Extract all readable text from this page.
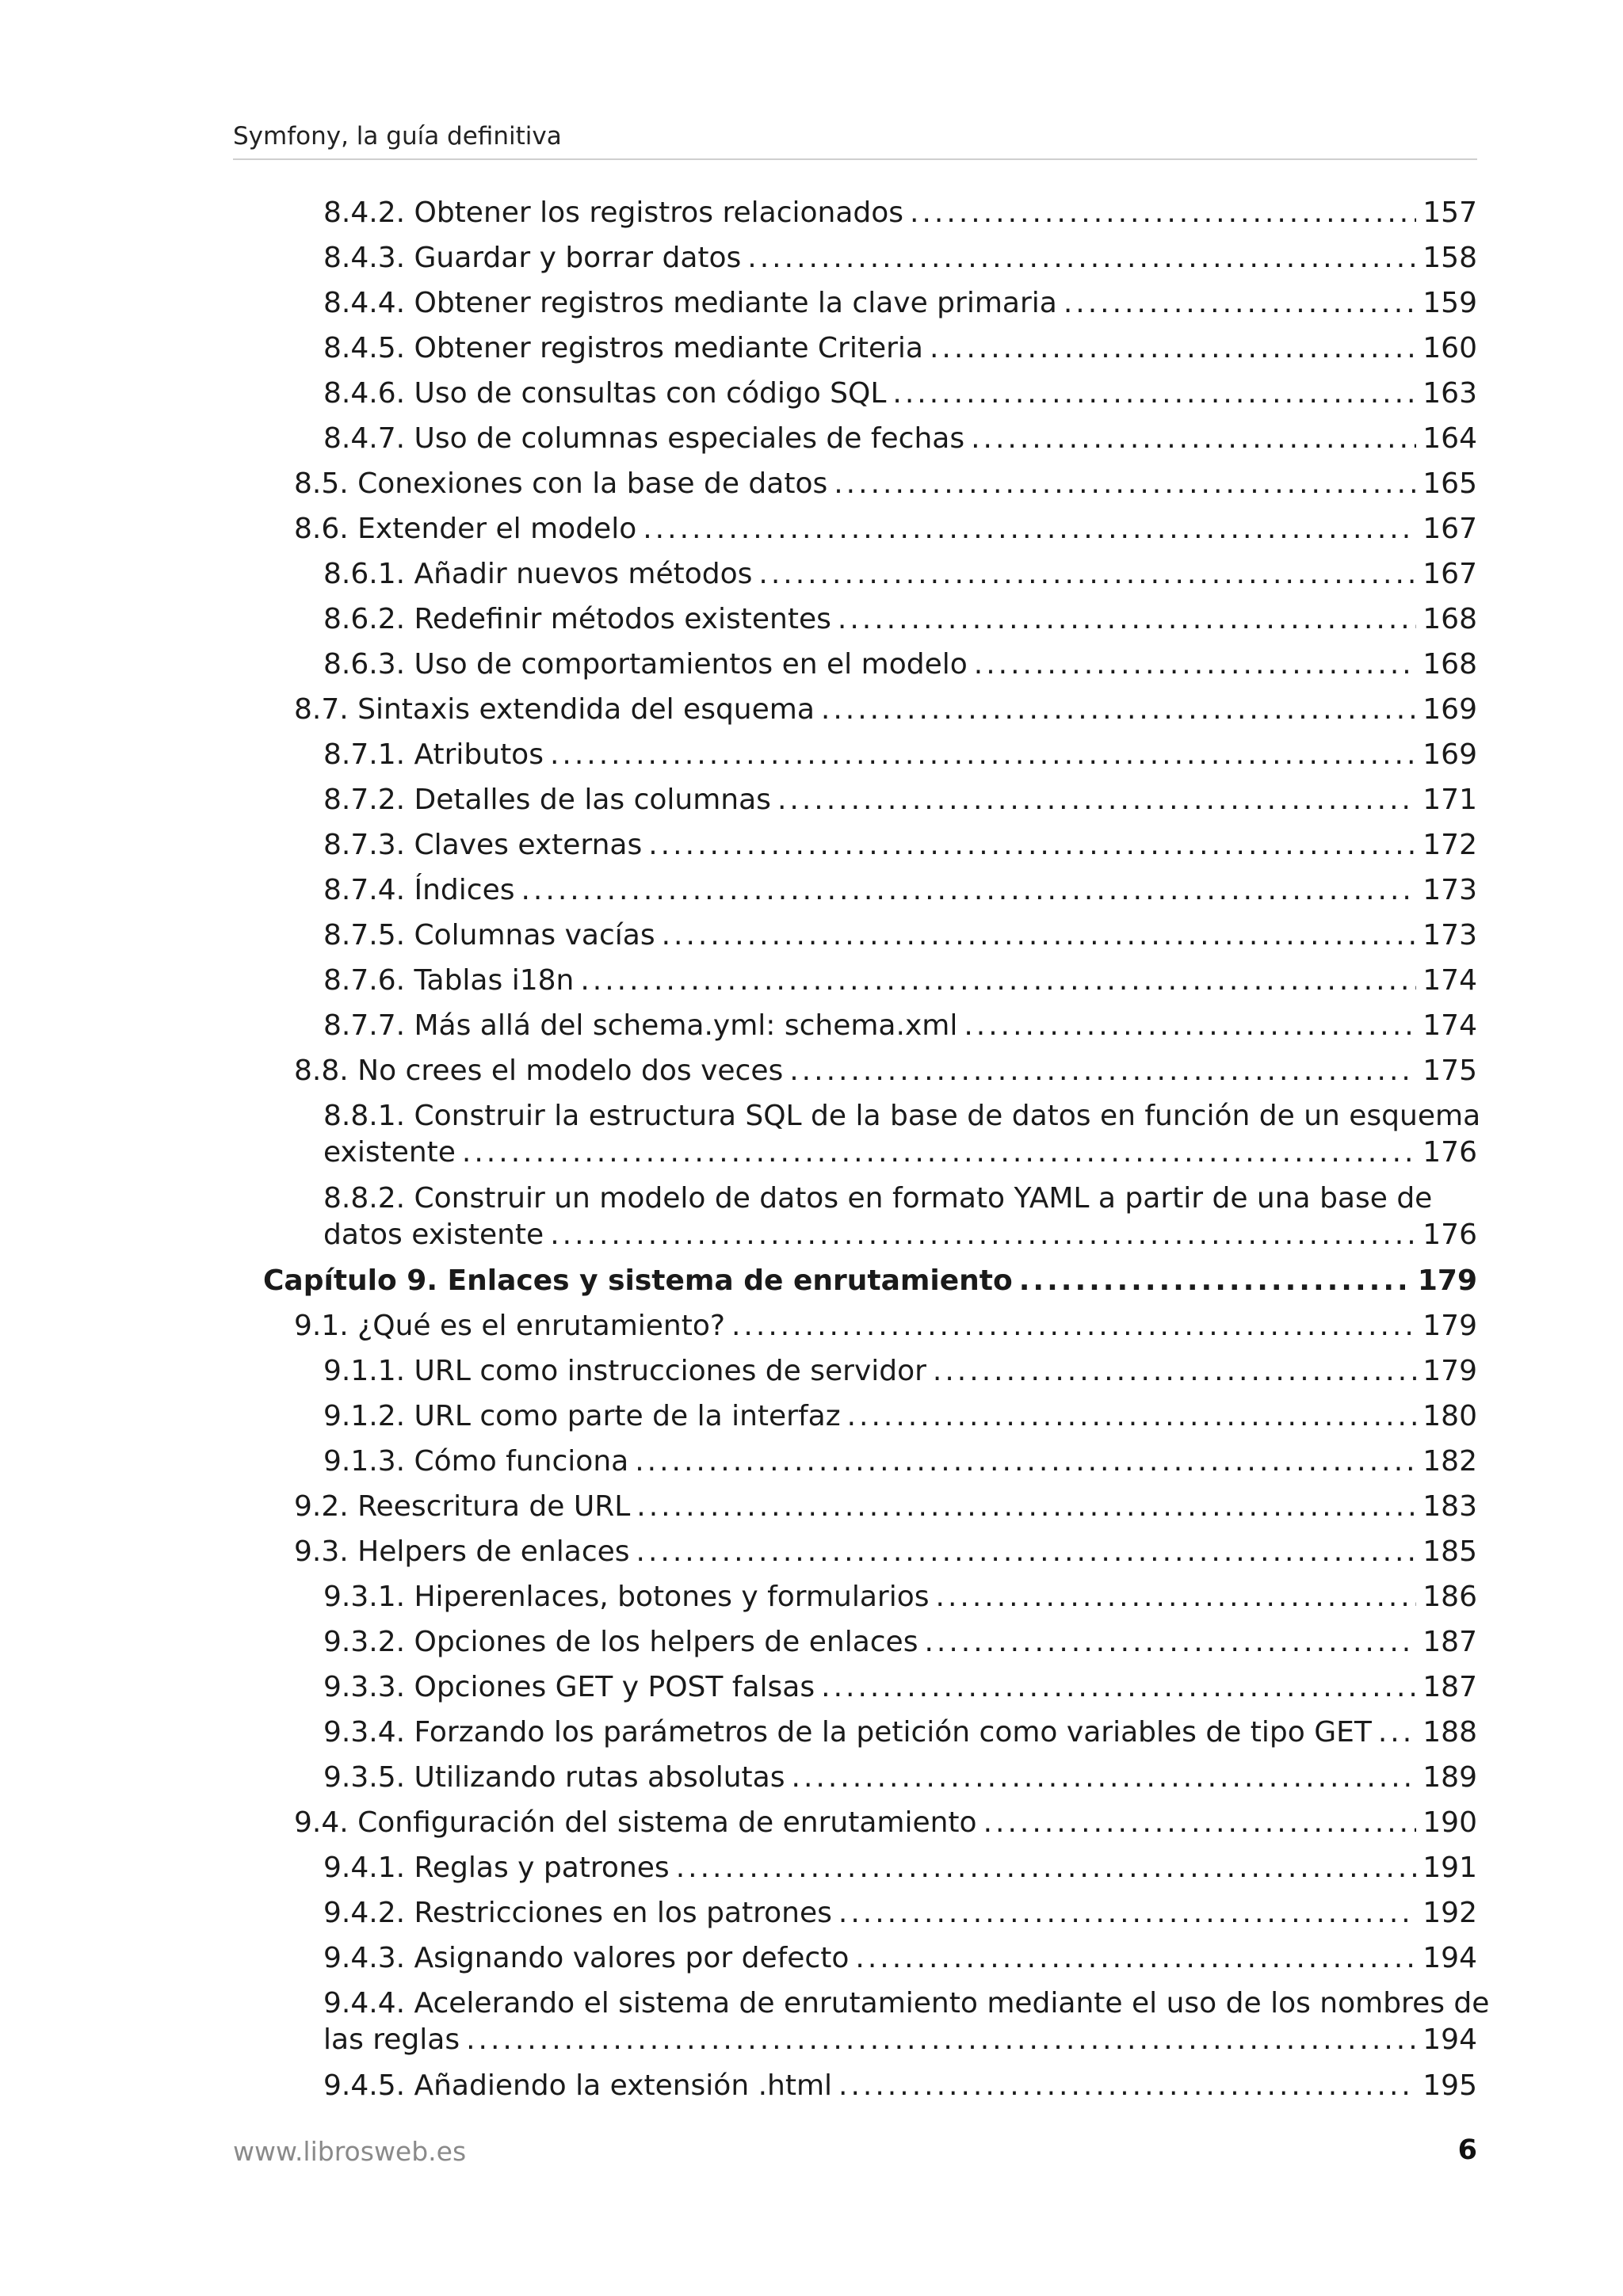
Symfony, la guía definitiva
8.4.2. Obtener los registros relacionados .....	157
8.4.3. Guardar y borrar datos .....	158
8.4.4. Obtener registros mediante la clave primaria .....	159
8.4.5. Obtener registros mediante Criteria .....	160
8.4.6. Uso de consultas con código SQL .....	163
8.4.7. Uso de columnas especiales de fechas .....	164
8.5. Conexiones con la base de datos .....	165
8.6. Extender el modelo .....	167
8.6.1. Añadir nuevos métodos .....	167
8.6.2. Redefinir métodos existentes .....	168
8.6.3. Uso de comportamientos en el modelo .....	168
8.7. Sintaxis extendida del esquema .....	169
8.7.1. Atributos .....	169
8.7.2. Detalles de las columnas .....	171
8.7.3. Claves externas .....	172
8.7.4. Índices .....	173
8.7.5. Columnas vacías .....	173
8.7.6. Tablas i18n .....	174
8.7.7. Más allá del schema.yml: schema.xml .....	174
8.8. No crees el modelo dos veces .....	175
8.8.1. Construir la estructura SQL de la base de datos en función de un esquema
existente .....	176
8.8.2. Construir un modelo de datos en formato YAML a partir de una base de
datos existente .....	176
Capítulo 9. Enlaces y sistema de enrutamiento .....	179
9.1. ¿Qué es el enrutamiento? .....	179
9.1.1. URL como instrucciones de servidor .....	179
9.1.2. URL como parte de la interfaz .....	180
9.1.3. Cómo funciona .....	182
9.2. Reescritura de URL .....	183
9.3. Helpers de enlaces .....	185
9.3.1. Hiperenlaces, botones y formularios .....	186
9.3.2. Opciones de los helpers de enlaces .....	187
9.3.3. Opciones GET y POST falsas .....	187
9.3.4. Forzando los parámetros de la petición como variables de tipo GET ..... 188
9.3.5. Utilizando rutas absolutas .....	189
9.4. Configuración del sistema de enrutamiento .....	190
9.4.1. Reglas y patrones .....	191
9.4.2. Restricciones en los patrones .....	192
9.4.3. Asignando valores por defecto .....	194
9.4.4. Acelerando el sistema de enrutamiento mediante el uso de los nombres de
las reglas .....	194
9.4.5. Añadiendo la extensión .html .....	195
www.librosweb.es	6
